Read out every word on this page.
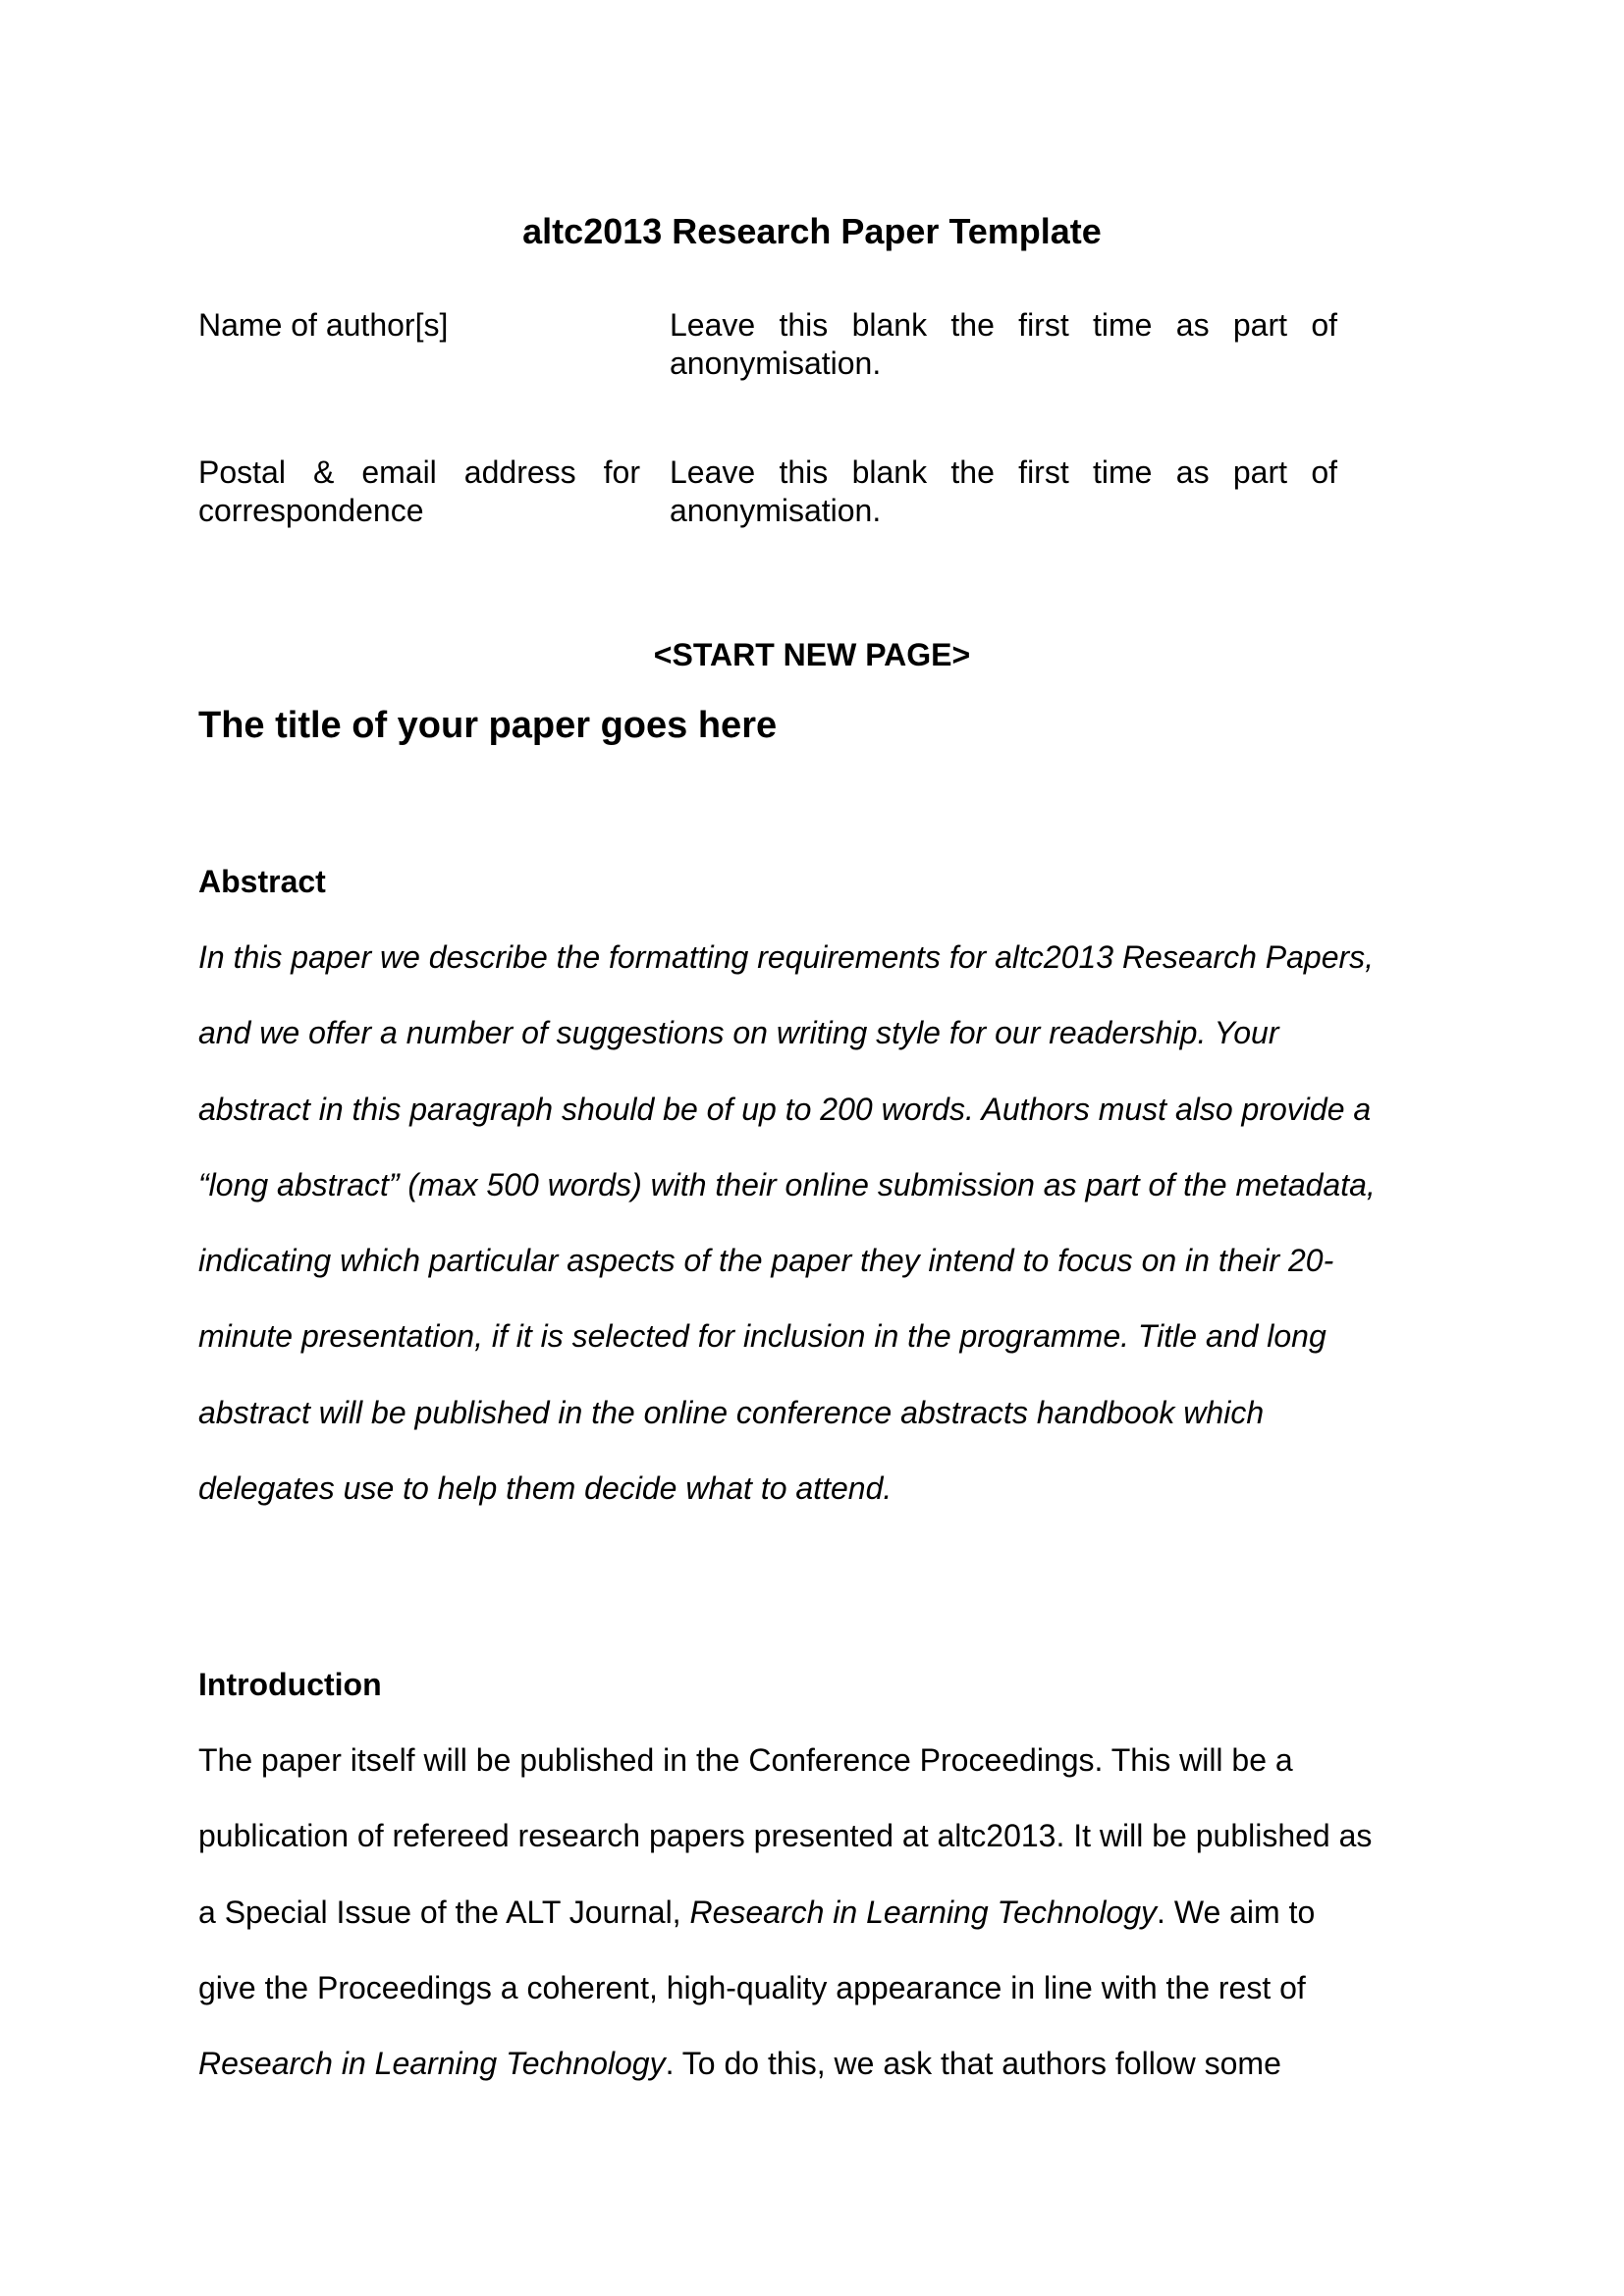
altc2013 Research Paper Template
Name of author[s]	Leave this blank the first time as part of anonymisation.
Postal & email address for correspondence
Leave this blank the first time as part of anonymisation.
<START NEW PAGE>
The title of your paper goes here
Abstract

In this paper we describe the formatting requirements for altc2013 Research Papers,
and we offer a number of suggestions on writing style for our readership. Your
abstract in this paragraph should be of up to 200 words. Authors must also provide a
“long abstract” (max 500 words) with their online submission as part of the metadata,
indicating which particular aspects of the paper they intend to focus on in their 20-
minute presentation, if it is selected for inclusion in the programme. Title and long
abstract will be published in the online conference abstracts handbook which
delegates use to help them decide what to attend.

Introduction

The paper itself will be published in the Conference Proceedings. This will be a
publication of refereed research papers presented at altc2013. It will be published as
a Special Issue of the ALT Journal, Research in Learning Technology. We aim to
give the Proceedings a coherent, high-quality appearance in line with the rest of
Research in Learning Technology. To do this, we ask that authors follow some
